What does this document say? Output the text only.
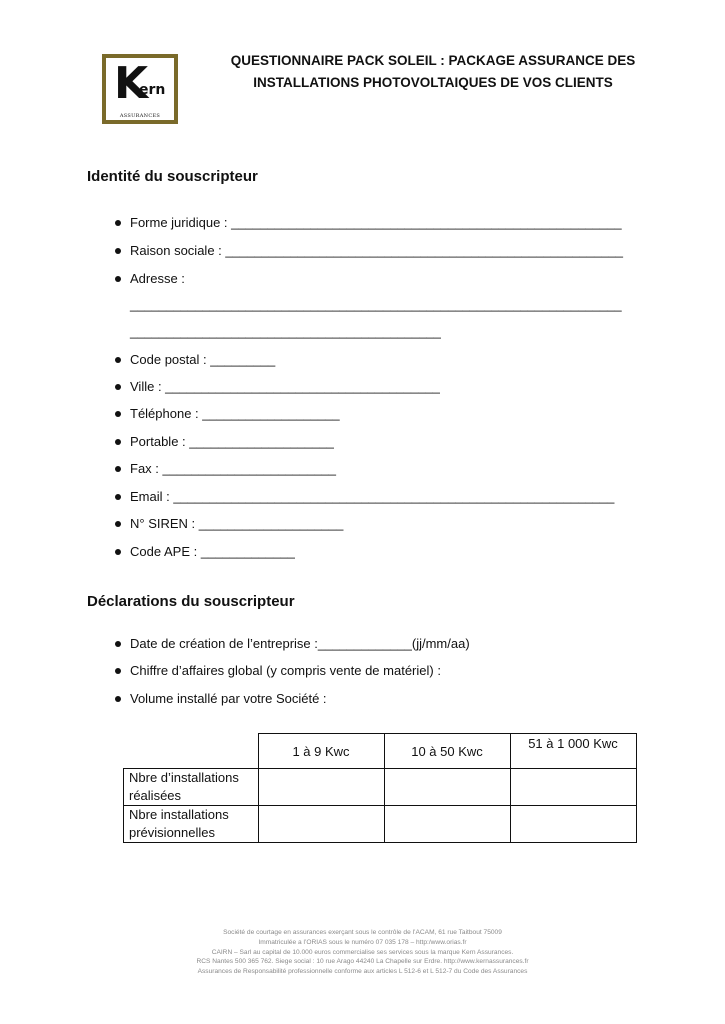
K
ern
ASSURANCES
QUESTIONNAIRE PACK SOLEIL : PACKAGE ASSURANCE DES
INSTALLATIONS PHOTOVOLTAIQUES DE VOS CLIENTS
Identité du souscripteur
Forme juridique : ______________________________________________________
Raison sociale : _______________________________________________________
Adresse :
____________________________________________________________________
___________________________________________
Code postal : _________
Ville : ______________________________________
Téléphone : ___________________
Portable : ____________________
Fax : ________________________
Email : _____________________________________________________________
N° SIREN : ____________________
Code APE : _____________
Déclarations du souscripteur
Date de création de l’entreprise :_____________(jj/mm/aa)
Chiffre d’affaires global (y compris vente de matériel) :
Volume installé par votre Société :
	1 à 9 Kwc	10 à 50 Kwc	51 à 1 000 Kwc

Nbre d’installations
réalisées			

Nbre installations
prévisionnelles			

Société de courtage en assurances exerçant sous le contrôle de l’ACAM, 61 rue Taitbout 75009
Immatriculée a l’ORIAS sous le numéro 07 035 178 – http:/www.orias.fr
CAIRN – Sarl au capital de 10.000 euros commercialise ses services sous la marque Kern Assurances.
RCS Nantes 500 365 762. Siege social : 10 rue Arago 44240 La Chapelle sur Erdre. http://www.kernassurances.fr
Assurances de Responsabilité professionnelle conforme aux articles L 512-6 et L 512-7 du Code des Assurances
